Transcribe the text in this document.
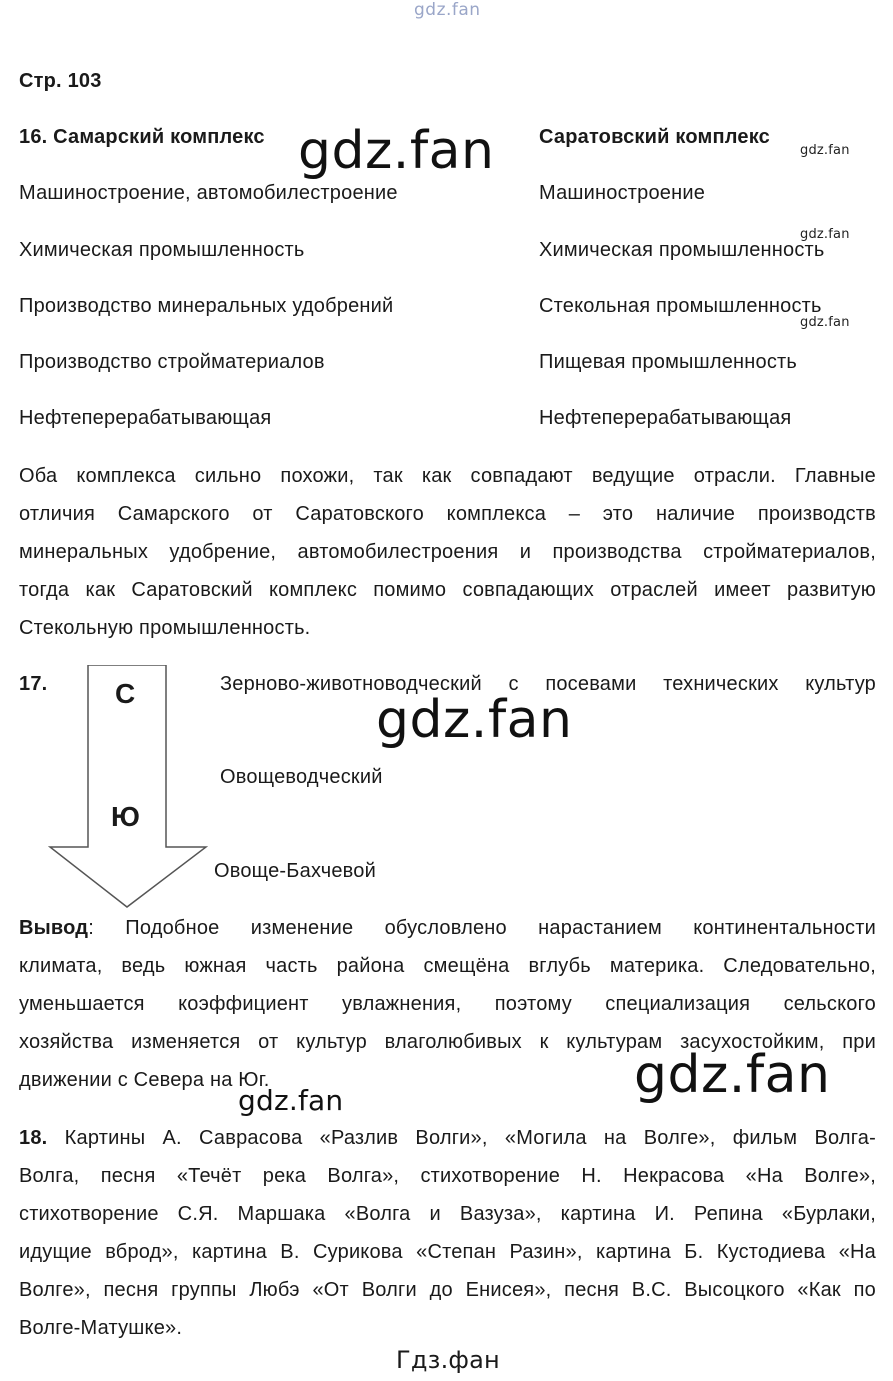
gdz.fan
gdz.fan	gdz.fan
gdz.fan
gdz.fan
gdz.fan
gdz.fan
gdz.fan
Гдз.фан
Стр. 103
16. Самарский комплекс	Саратовский комплекс
Машиностроение, автомобилестроение
Химическая промышленность
Производство минеральных удобрений
Производство стройматериалов
Нефтеперерабатывающая
Машиностроение
Химическая промышленность
Стекольная промышленность
Пищевая промышленность
Нефтеперерабатывающая
Оба комплекса сильно похожи, так как совпадают ведущие отрасли. Главные
отличия Самарского от Саратовского комплекса – это наличие производств
минеральных удобрение, автомобилестроения и производства стройматериалов,
тогда как Саратовский комплекс помимо совпадающих отраслей имеет развитую
Стекольную промышленность.
17. С
Ю
Зерново-животноводческий с посевами технических культур
Овощеводческий
Овоще-Бахчевой
Вывод: Подобное изменение обусловлено нарастанием континентальности
климата, ведь южная часть района смещёна вглубь материка. Следовательно,
уменьшается коэффициент увлажнения, поэтому специализация сельского
хозяйства изменяется от культур влаголюбивых к культурам засухостойким, при
движении с Севера на Юг.
18. Картины А. Саврасова «Разлив Волги», «Могила на Волге», фильм Волга-
Волга, песня «Течёт река Волга», стихотворение Н. Некрасова «На Волге»,
стихотворение С.Я. Маршака «Волга и Вазуза», картина И. Репина «Бурлаки,
идущие вброд», картина В. Сурикова «Степан Разин», картина Б. Кустодиева «На
Волге», песня группы Любэ «От Волги до Енисея», песня В.С. Высоцкого «Как по
Волге-Матушке».
